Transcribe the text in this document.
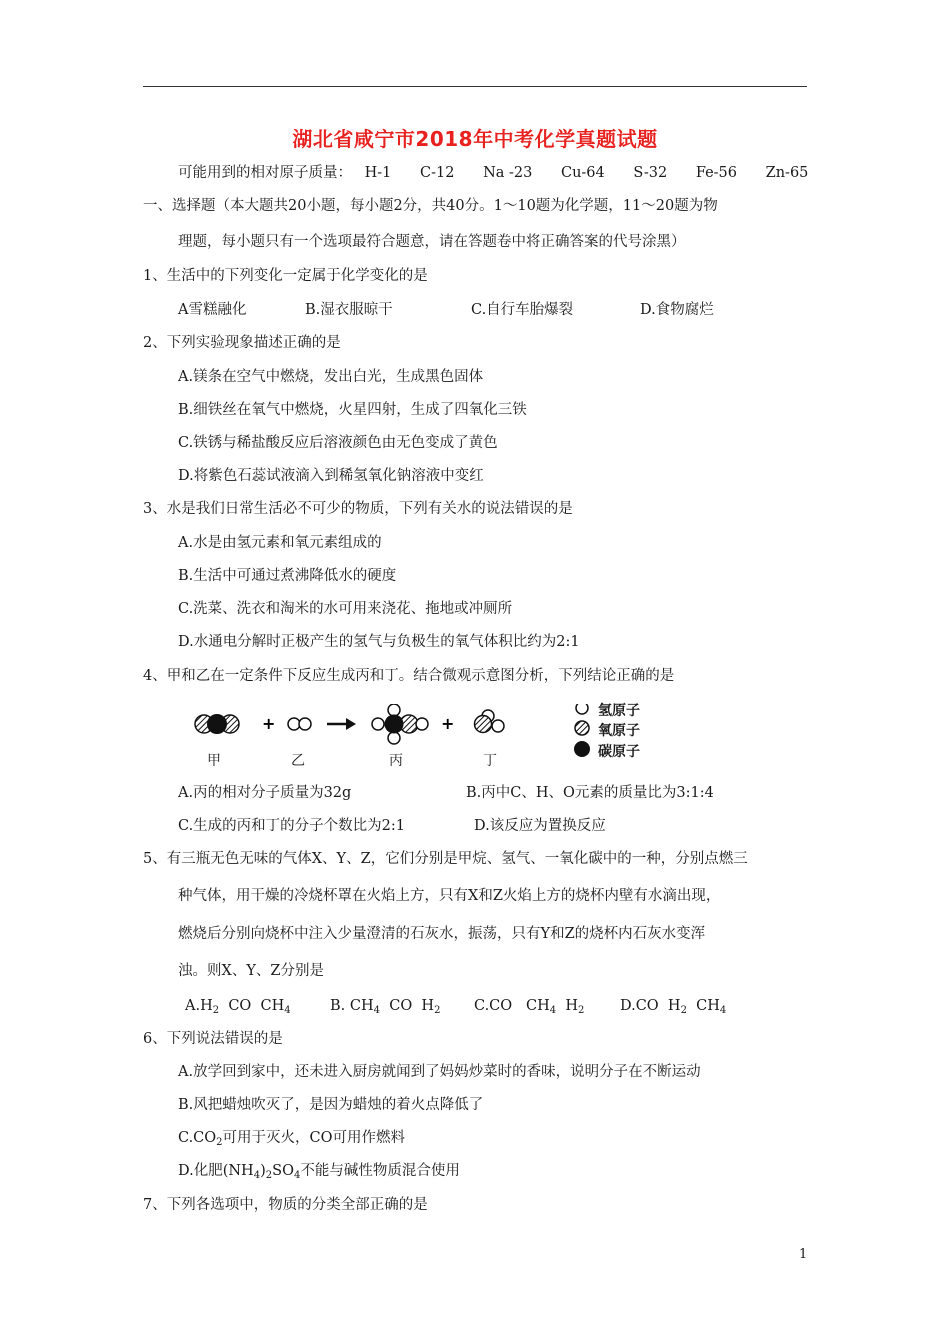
湖北省咸宁市2018年中考化学真题试题
可能用到的相对原子质量： H-1 C-12 Na -23 Cu-64 S-32 Fe-56 Zn-65
一、选择题（本大题共20小题，每小题2分，共40分。1～10题为化学题，11～20题为物
理题，每小题只有一个选项最符合题意，请在答题卷中将正确答案的代号涂黑）
1、生活中的下列变化一定属于化学变化的是
A雪糕融化	B.湿衣服晾干	C.自行车胎爆裂	D.食物腐烂
2、下列实验现象描述正确的是
A.镁条在空气中燃烧，发出白光，生成黑色固体
B.细铁丝在氧气中燃烧，火星四射，生成了四氧化三铁
C.铁锈与稀盐酸反应后溶液颜色由无色变成了黄色
D.将紫色石蕊试液滴入到稀氢氧化钠溶液中变红
3、水是我们日常生活必不可少的物质，下列有关水的说法错误的是
A.水是由氢元素和氧元素组成的
B.生活中可通过煮沸降低水的硬度
C.洗菜、洗衣和淘米的水可用来浇花、拖地或冲厕所
D.水通电分解时正极产生的氢气与负极生的氧气体积比约为2:1
4、甲和乙在一定条件下反应生成丙和丁。结合微观示意图分析，下列结论正确的是
+	+
甲	乙	丙	丁
氢原子
氧原子
碳原子
A.丙的相对分子质量为32g	B.丙中C、H、O元素的质量比为3:1:4
C.生成的丙和丁的分子个数比为2:1	D.该反应为置换反应
5、有三瓶无色无味的气体X、Y、Z，它们分别是甲烷、氢气、一氧化碳中的一种，分别点燃三
种气体，用干燥的冷烧杯罩在火焰上方，只有X和Z火焰上方的烧杯内壁有水滴出现，
燃烧后分别向烧杯中注入少量澄清的石灰水，振荡，只有Y和Z的烧杯内石灰水变浑
浊。则X、Y、Z分别是
$A.H_2$  CO  $CH_4$	B. $CH_4$  CO  $H_2$ C.CO   $CH_4$  $H_2$ D.CO  $H_2$  $CH_4$
6、下列说法错误的是
A.放学回到家中，还未进入厨房就闻到了妈妈炒菜时的香味，说明分子在不断运动
B.风把蜡烛吹灭了，是因为蜡烛的着火点降低了
$C.CO_2$可用于灭火，CO可用作燃料
D.化肥$(NH_4)_2SO_4$不能与碱性物质混合使用
7、下列各选项中，物质的分类全部正确的是
1
